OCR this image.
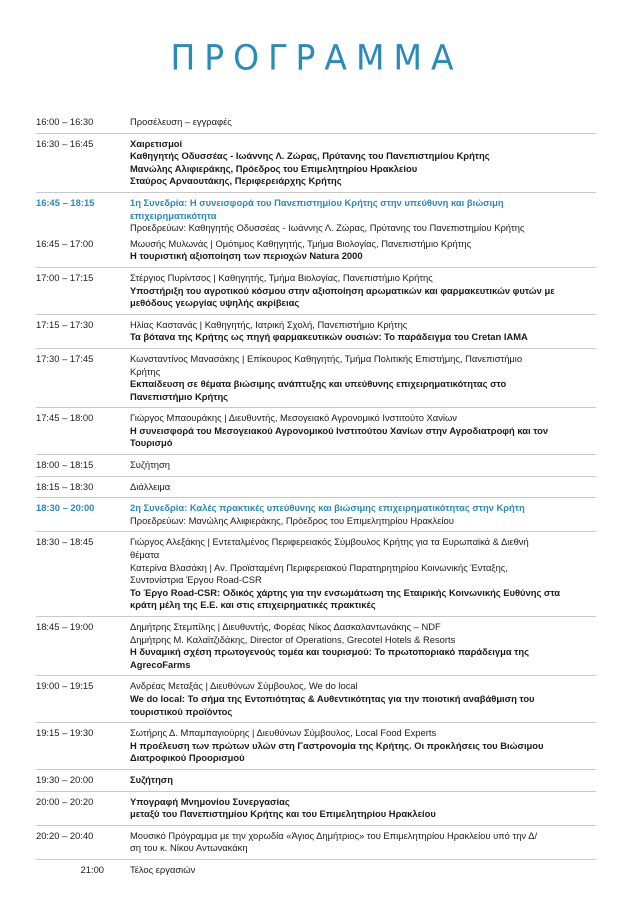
ΠΡΟΓΡΑΜΜΑ
16:00 – 16:30	Προσέλευση – εγγραφές
16:30 – 16:45	Χαιρετισμοί
Καθηγητής Οδυσσέας - Ιωάννης Λ. Ζώρας, Πρύτανης του Πανεπιστημίου Κρήτης
Μανώλης Αλιφιεράκης, Πρόεδρος του Επιμελητηρίου Ηρακλείου
Σταύρος Αρναουτάκης, Περιφερειάρχης Κρήτης
16:45 – 18:15	1η Συνεδρία: Η συνεισφορά του Πανεπιστημίου Κρήτης στην υπεύθυνη και βιώσιμη
επιχειρηματικότητα
Προεδρεύων: Καθηγητής Οδυσσέας - Ιωάννης Λ. Ζώρας, Πρύτανης του Πανεπιστημίου Κρήτης
16:45 – 17:00	Μωυσής Μυλωνάς | Ομότιμος Καθηγητής, Τμήμα Βιολογίας, Πανεπιστήμιο Κρήτης
Η τουριστική αξιοποίηση των περιοχών Natura 2000
17:00 – 17:15	Στέργιος Πυρίντσος | Καθηγητής, Τμήμα Βιολογίας, Πανεπιστήμιο Κρήτης
Υποστήριξη του αγροτικού κόσμου στην αξιοποίηση αρωματικών και φαρμακευτικών φυτών με
μεθόδους γεωργίας υψηλής ακρίβειας
17:15 – 17:30	Ηλίας Καστανάς | Καθηγητής, Ιατρική Σχολή, Πανεπιστήμιο Κρήτης
Τα βότανα της Κρήτης ως πηγή φαρμακευτικών ουσιών: Το παράδειγμα του Cretan IAMA
17:30 – 17:45	Κωνσταντίνος Μανασάκης | Επίκουρος Καθηγητής, Τμήμα Πολιτικής Επιστήμης, Πανεπιστήμιο
Κρήτης
Εκπαίδευση σε θέματα βιώσιμης ανάπτυξης και υπεύθυνης επιχειρηματικότητας στο
Πανεπιστήμιο Κρήτης
17:45 – 18:00	Γιώργος Μπαουράκης | Διευθυντής, Μεσογειακό Αγρονομικό Ινστιτούτο Χανίων
Η συνεισφορά του Μεσογειακού Αγρονομικού Ινστιτούτου Χανίων στην Αγροδιατροφή και τον
Τουρισμό
18:00 – 18:15	Συζήτηση
18:15 – 18:30	Διάλλειμα
18:30 – 20:00	2η Συνεδρία: Καλές πρακτικές υπεύθυνης και βιώσιμης επιχειρηματικότητας στην Κρήτη
Προεδρεύων: Μανώλης Αλιφιεράκης, Πρόεδρος του Επιμελητηρίου Ηρακλείου
18:30 – 18:45	Γιώργος Αλεξάκης | Εντεταλμένος Περιφερειακός Σύμβουλος Κρήτης για τα Ευρωπαϊκά & Διεθνή
θέματα
Κατερίνα Βλασάκη | Αν. Προϊσταμένη Περιφερειακού Παρατηρητηρίου Κοινωνικής Ένταξης,
Συντονίστρια Έργου Road-CSR
Το Έργο Road-CSR: Οδικός χάρτης για την ενσωμάτωση της Εταιρικής Κοινωνικής Ευθύνης στα
κράτη μέλη της Ε.Ε. και στις επιχειρηματικές πρακτικές
18:45 – 19:00	Δημήτρης Στεμπίλης | Διευθυντής, Φορέας Νίκος Δασκαλαντωνάκης – NDF
Δημήτρης Μ. Καλαϊτζιδάκης, Director of Operations, Grecotel Hotels & Resorts
Η δυναμική σχέση πρωτογενούς τομέα και τουρισμού: Το πρωτοποριακό παράδειγμα της
AgrecoFarms
19:00 – 19:15	Ανδρέας Μεταξάς | Διευθύνων Σύμβουλος, We do local
We do local: Το σήμα της Εντοπιότητας & Αυθεντικότητας για την ποιοτική αναβάθμιση του
τουριστικού προϊόντος
19:15 – 19:30	Σωτήρης Δ. Μπαμπαγιούρης | Διευθύνων Σύμβουλος, Local Food Experts
Η προέλευση των πρώτων υλών στη Γαστρονομία της Κρήτης. Οι προκλήσεις του Βιώσιμου
Διατροφικού Προορισμού
19:30 – 20:00	Συζήτηση
20:00 – 20:20	Υπογραφή Μνημονίου Συνεργασίας
μεταξύ του Πανεπιστημίου Κρήτης και του Επιμελητηρίου Ηρακλείου
20:20 – 20:40	Μουσικό Πρόγραμμα με την χορωδία «Άγιος Δημήτριος» του Επιμελητηρίου Ηρακλείου υπό την Δ/
ση του κ. Νίκου Αντωνακάκη
21:00	Τέλος εργασιών
